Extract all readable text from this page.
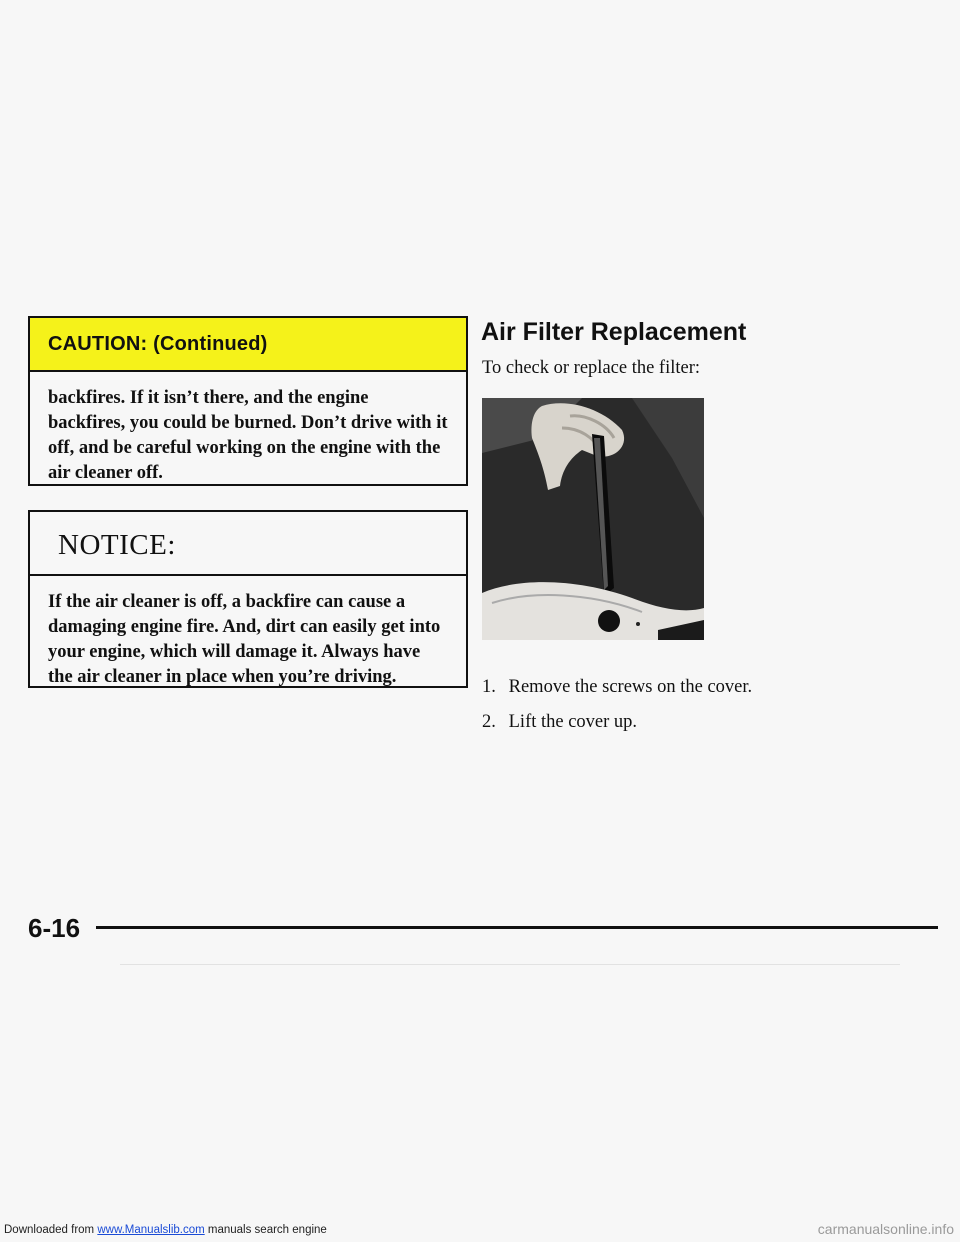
CAUTION: (Continued)
backfires. If it isn’t there, and the engine backfires, you could be burned. Don’t drive with it off, and be careful working on the engine with the air cleaner off.
NOTICE:
If the air cleaner is off, a backfire can cause a damaging engine fire. And, dirt can easily get into your engine, which will damage it. Always have the air cleaner in place when you’re driving.
Air Filter Replacement

To check or replace the filter:

1. Remove the screws on the cover.
2. Lift the cover up.
6-16
Downloaded from www.Manualslib.com manuals search engine	carmanualsonline.info
